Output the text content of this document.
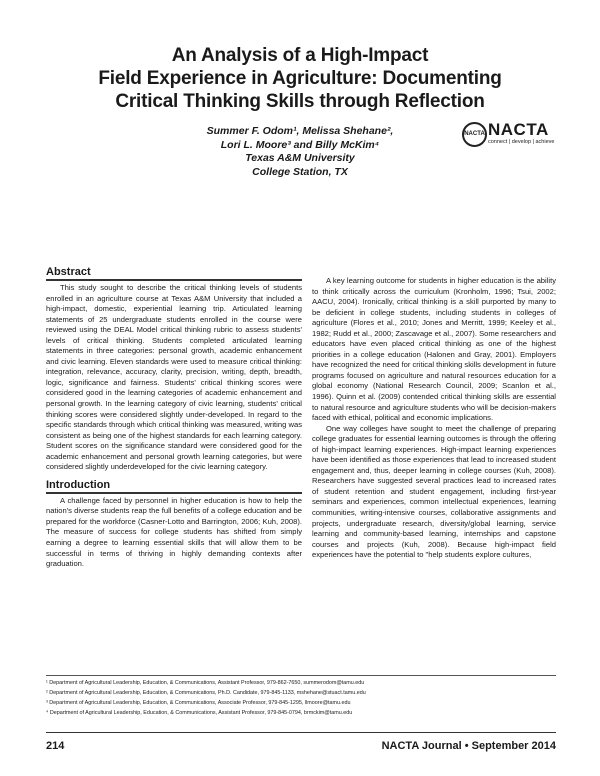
An Analysis of a High-Impact
Field Experience in Agriculture: Documenting
Critical Thinking Skills through Reflection
Summer F. Odom¹, Melissa Shehane²,
Lori L. Moore³ and Billy McKim⁴
Texas A&M University
College Station, TX
NACTA NACTA
connect | develop | achieve

Abstract

This study sought to describe the critical thinking levels of students enrolled in an agriculture course at Texas A&M University that included a high-impact, domestic, experiential learning trip. Articulated learning statements of 25 undergraduate students enrolled in the course were reviewed using the DEAL Model critical thinking rubric to assess students' levels of critical thinking. Students completed articulated learning statements in three categories: personal growth, academic enhancement and civic learning. Eleven standards were used to measure critical thinking: integration, relevance, accuracy, clarity, precision, writing, depth, breadth, logic, significance and fairness. Students' critical thinking scores were considered good in the learning categories of academic enhancement and personal growth. In the learning category of civic learning, students' critical thinking scores were considered slightly under-developed. In regard to the specific standards through which critical thinking was measured, writing was consistent as being one of the highest standards for each learning category. Student scores on the significance standard were considered good for the academic enhancement and personal growth learning categories, but were considered slightly underdeveloped for the civic learning category.

Introduction

A challenge faced by personnel in higher education is how to help the nation's diverse students reap the full benefits of a college education and be prepared for the workforce (Casner-Lotto and Barrington, 2006; Kuh, 2008). The measure of success for college students has shifted from simply earning a degree to learning essential skills that will allow them to be successful in terms of thriving in highly demanding contexts after graduation.

A key learning outcome for students in higher education is the ability to think critically across the curriculum (Kronholm, 1996; Tsui, 2002; AACU, 2004). Ironically, critical thinking is a skill purported by many to be deficient in college students, including students in colleges of agriculture (Flores et al., 2010; Jones and Merritt, 1999; Keeley et al., 1982; Rudd et al., 2000; Zascavage et al., 2007). Some researchers and educators have even placed critical thinking as one of the highest priorities in a college education (Halonen and Gray, 2001). Employers have recognized the need for critical thinking skills development in future programs focused on agriculture and natural resources education for a global economy (National Research Council, 2009; Scanlon et al., 1996). Quinn et al. (2009) contended critical thinking skills are essential to natural resource and agriculture students who will be decision-makers faced with ethical, political and economic implications.

One way colleges have sought to meet the challenge of preparing college graduates for essential learning outcomes is through the offering of high-impact learning experiences. High-impact learning experiences have been identified as those experiences that lead to increased student engagement and, thus, deeper learning in college courses (Kuh, 2008). Researchers have suggested several practices lead to increased rates of student retention and student engagement, including first-year seminars and experiences, common intellectual experiences, learning communities, writing-intensive courses, collaborative assignments and projects, undergraduate research, diversity/global learning, service learning and community-based learning, internships and capstone courses and projects (Kuh, 2008). Because high-impact field experiences have the potential to "help students explore cultures,

¹ Department of Agricultural Leadership, Education, & Communications, Assistant Professor, 979-862-7650, summerodom@tamu.edu
² Department of Agricultural Leadership, Education, & Communications, Ph.D. Candidate, 979-845-1133, mshehane@stuact.tamu.edu
³ Department of Agricultural Leadership, Education, & Communications, Associate Professor, 979-845-1295, llmoore@tamu.edu
⁴ Department of Agricultural Leadership, Education, & Communications, Assistant Professor, 979-845-0794, brmckim@tamu.edu
214	NACTA Journal • September 2014
